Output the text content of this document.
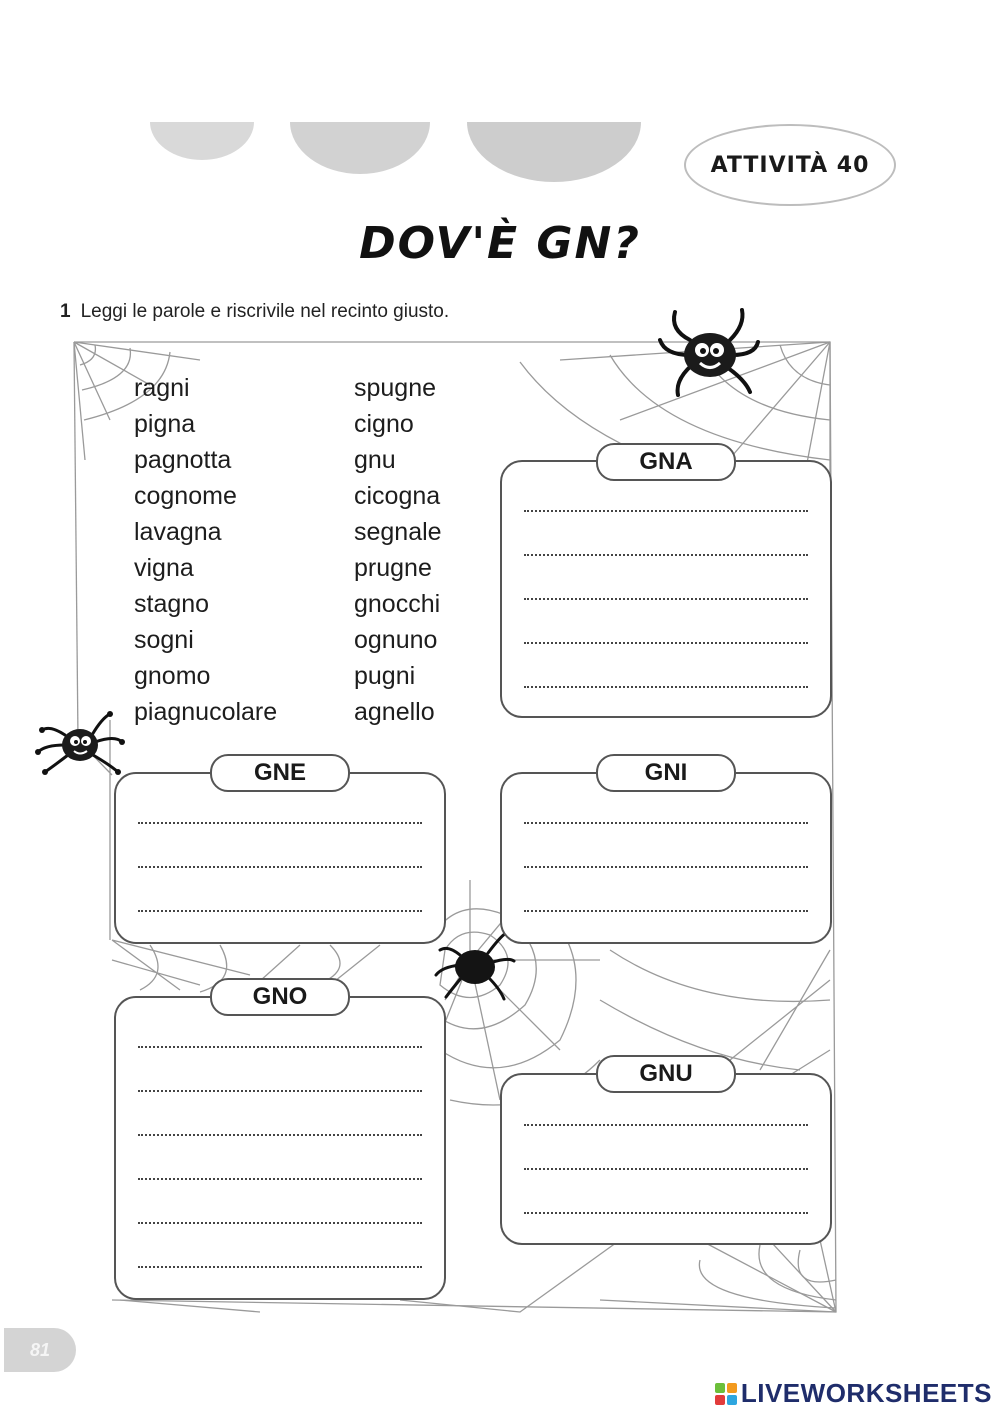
ATTIVITÀ 40
DOV'È GN?
1 Leggi le parole e riscrivile nel recinto giusto.
ragni
pigna
pagnotta
cognome
lavagna
vigna
stagno
sogni
gnomo
piagnucolare
spugne
cigno
gnu
cicogna
segnale
prugne
gnocchi
ognuno
pugni
agnello
GNA
GNE	GNI
GNO
GNU
81
LIVEWORKSHEETS
